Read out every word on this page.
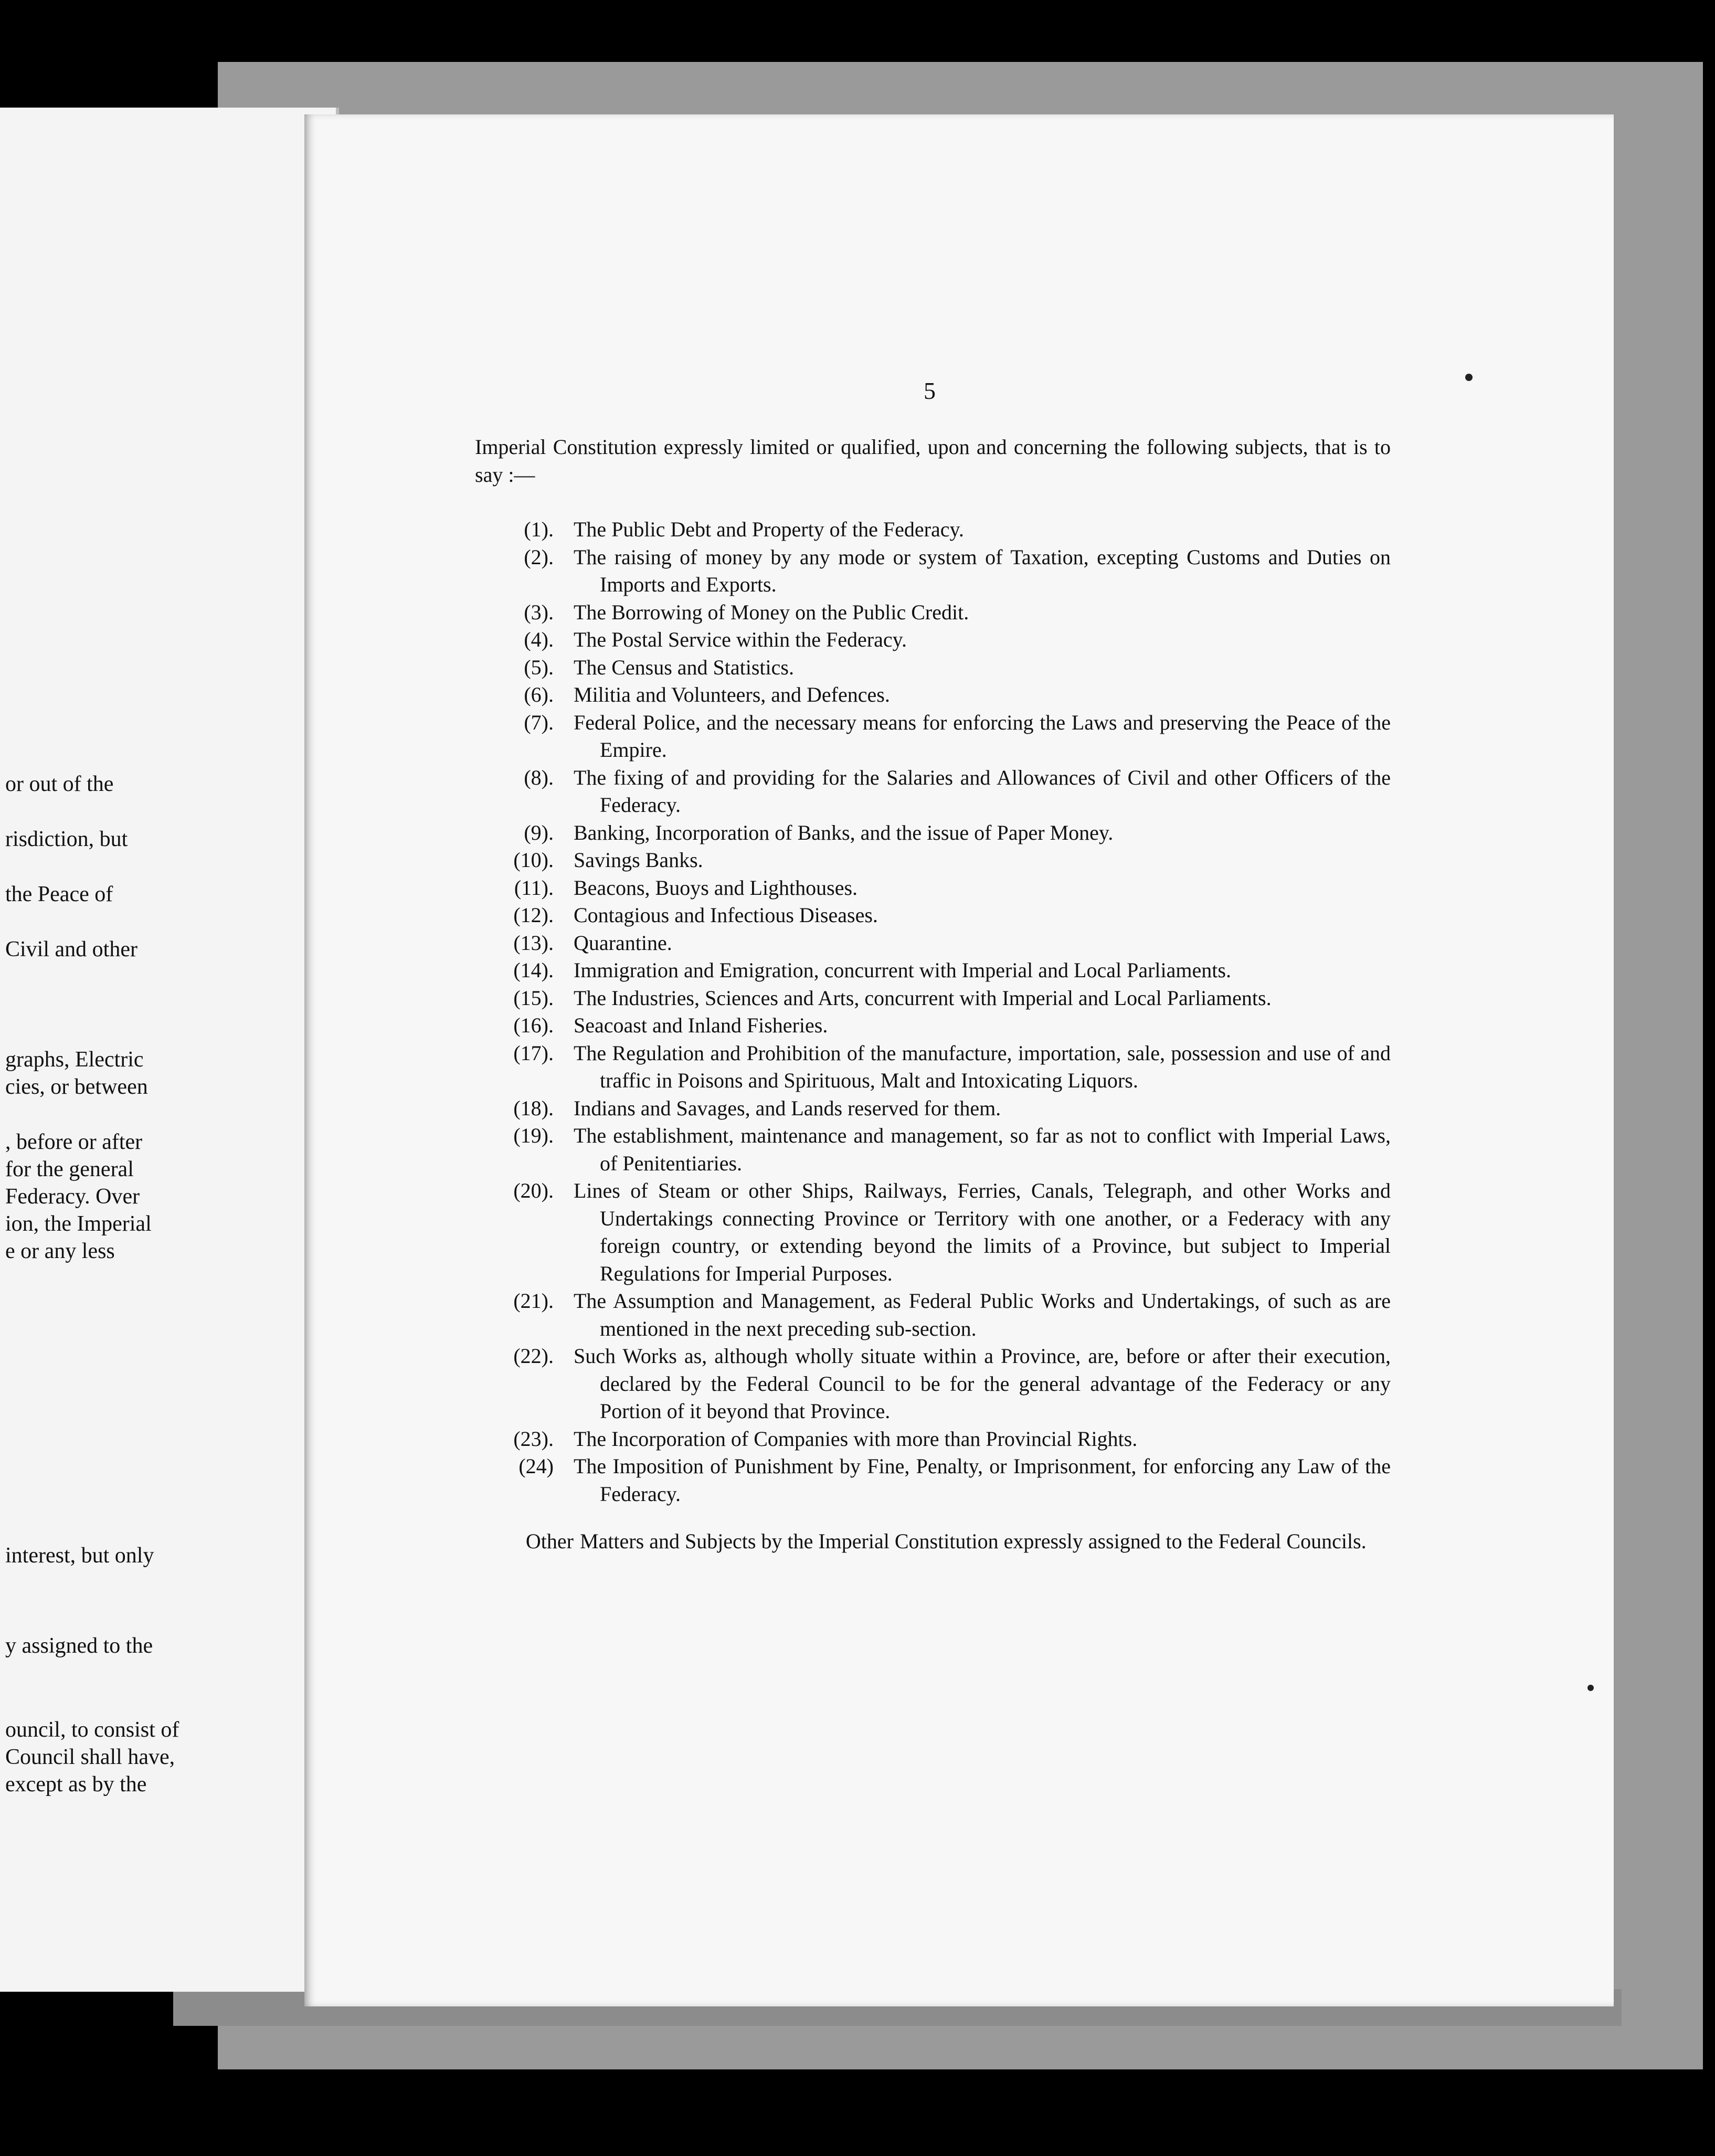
or out of the
risdiction, but
the Peace of
Civil and other
graphs, Electric
cies, or between
, before or after
for the general
Federacy. Over
ion, the Imperial
e or any less
interest, but only
y assigned to the
ouncil, to consist of
Council shall have,
except as by the
5

Imperial Constitution expressly limited or qualified, upon and concerning the following subjects, that is to say :—

(1). The Public Debt and Property of the Federacy.
(2). The raising of money by any mode or system of Taxation, excepting Customs and Duties on Imports and Exports.
(3). The Borrowing of Money on the Public Credit.
(4). The Postal Service within the Federacy.
(5). The Census and Statistics.
(6). Militia and Volunteers, and Defences.
(7). Federal Police, and the necessary means for enforcing the Laws and preserving the Peace of the Empire.
(8). The fixing of and providing for the Salaries and Allowances of Civil and other Officers of the Federacy.
(9). Banking, Incorporation of Banks, and the issue of Paper Money.
(10). Savings Banks.
(11). Beacons, Buoys and Lighthouses.
(12). Contagious and Infectious Diseases.
(13). Quarantine.
(14). Immigration and Emigration, concurrent with Imperial and Local Parliaments.
(15). The Industries, Sciences and Arts, concurrent with Imperial and Local Parliaments.
(16). Seacoast and Inland Fisheries.
(17). The Regulation and Prohibition of the manufacture, importation, sale, possession and use of and traffic in Poisons and Spirituous, Malt and Intoxicating Liquors.
(18). Indians and Savages, and Lands reserved for them.
(19). The establishment, maintenance and management, so far as not to conflict with Imperial Laws, of Penitentiaries.
(20). Lines of Steam or other Ships, Railways, Ferries, Canals, Telegraph, and other Works and Undertakings connecting Province or Territory with one another, or a Federacy with any foreign country, or extending beyond the limits of a Province, but subject to Imperial Regulations for Imperial Purposes.
(21). The Assumption and Management, as Federal Public Works and Undertakings, of such as are mentioned in the next preceding sub-section.
(22). Such Works as, although wholly situate within a Province, are, before or after their execution, declared by the Federal Council to be for the general advantage of the Federacy or any Portion of it beyond that Province.
(23). The Incorporation of Companies with more than Provincial Rights.
(24) The Imposition of Punishment by Fine, Penalty, or Imprisonment, for enforcing any Law of the Federacy.
Other Matters and Subjects by the Imperial Constitution expressly assigned to the Federal Councils.
